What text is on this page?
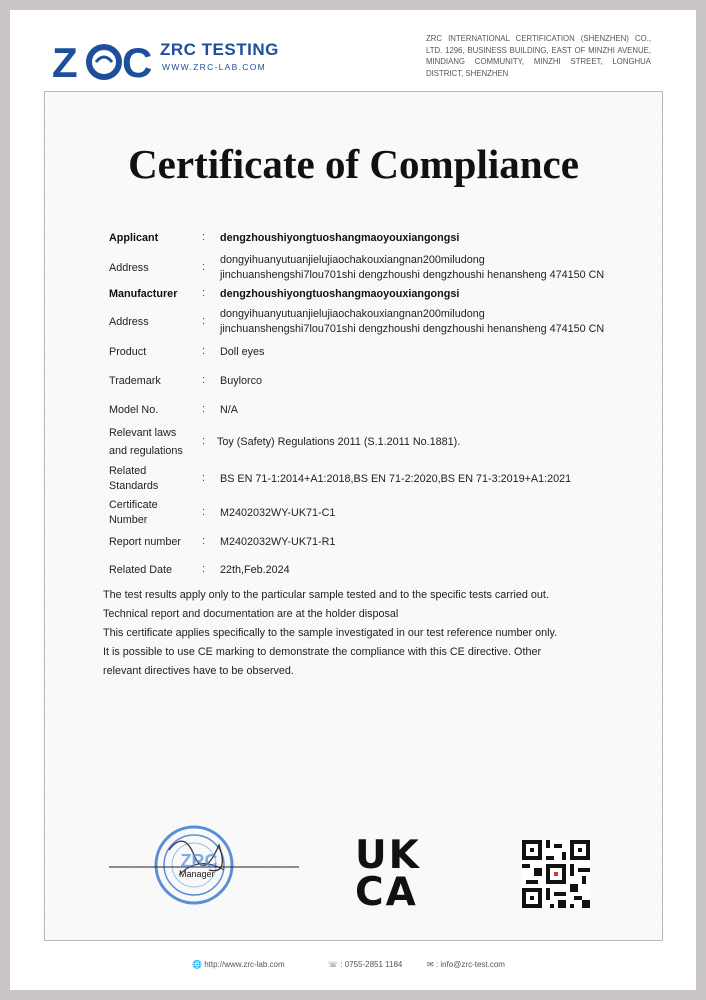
Z C ZRC TESTING
WWW.ZRC-LAB.COM
ZRC INTERNATIONAL CERTIFICATION (SHENZHEN) CO., LTD. 1296, BUSINESS BUILDING, EAST OF MINZHI AVENUE, MINDIANG COMMUNITY, MINZHI STREET, LONGHUA DISTRICT, SHENZHEN
Certificate of Compliance
Applicant	: dengzhoushiyongtuoshangmaoyouxiangongsi
Address	:
dongyihuanyutuanjielujiaochakouxiangnan200miludong
jinchuanshengshi7lou701shi dengzhoushi dengzhoushi henansheng 474150 CN
Manufacturer	: dengzhoushiyongtuoshangmaoyouxiangongsi
Address	:
dongyihuanyutuanjielujiaochakouxiangnan200miludong
jinchuanshengshi7lou701shi dengzhoushi dengzhoushi henansheng 474150 CN
Product	: Doll eyes
Trademark	: Buylorco
Model No.	: N/A
Relevant laws
and regulations
: Toy (Safety) Regulations 2011 (S.1.2011 No.1881).
Related
Standards
: BS EN 71-1:2014+A1:2018,BS EN 71-2:2020,BS EN 71-3:2019+A1:2021
Certificate
Number
: M2402032WY-UK71-C1
Report number	: M2402032WY-UK71-R1
Related Date	: 22th,Feb.2024
The test results apply only to the particular sample tested and to the specific tests carried out.
Technical report and documentation are at the holder disposal
This certificate applies specifically to the sample investigated in our test reference number only.
It is possible to use CE marking to demonstrate the compliance with this CE directive. Other
relevant directives have to be observed.
ZRC
Manager	UK
CA
🌐 http://www.zrc-lab.com	☏ : 0755-2851 1184	✉ : info@zrc-test.com
